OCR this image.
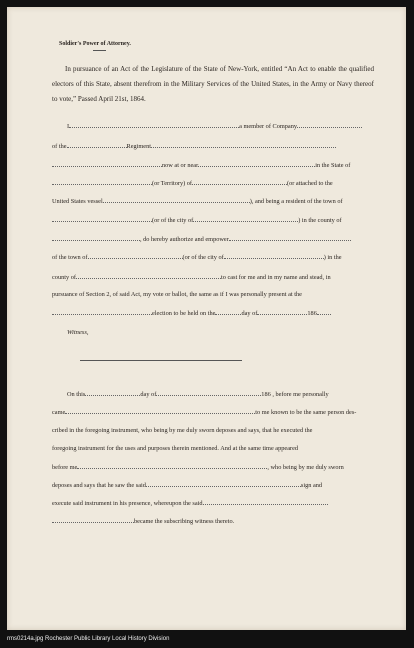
Soldier's Power of Attorney.
In pursuance of an Act of the Legislature of the State of New-York, entitled “An Act to enable the qualified electors of this State, absent therefrom in the Military Services of the United States, in the Army or Navy thereof to vote,” Passed April 21st, 1864.
I	a member of Company
of the	Regiment
now at or near	in the State of
(or Territory) of	(or attached to the
United States vessel	), and being a resident of the town of
(or of the city of	) in the county of
, do hereby authorize and empower
of the town of	(or of the city of	) in the
county of	to cast for me and in my name and stead, in
pursuance of Section 2, of said Act, my vote or ballot, the same as if I was personally present at the
election to be held on the	day of	186
Witness,
On this	day of	186 , before me personally
came	to me known to be the same person des-
cribed in the foregoing instrument, who being by me duly sworn deposes and says, that he executed the
foregoing instrument for the uses and purposes therein mentioned. And at the same time appeared
before me	, who being by me duly sworn
deposes and says that he saw the said	sign and
execute said instrument in his presence, whereupon the said
became the subscribing witness thereto.
rms0214a.jpg Rochester Public Library Local History Division
